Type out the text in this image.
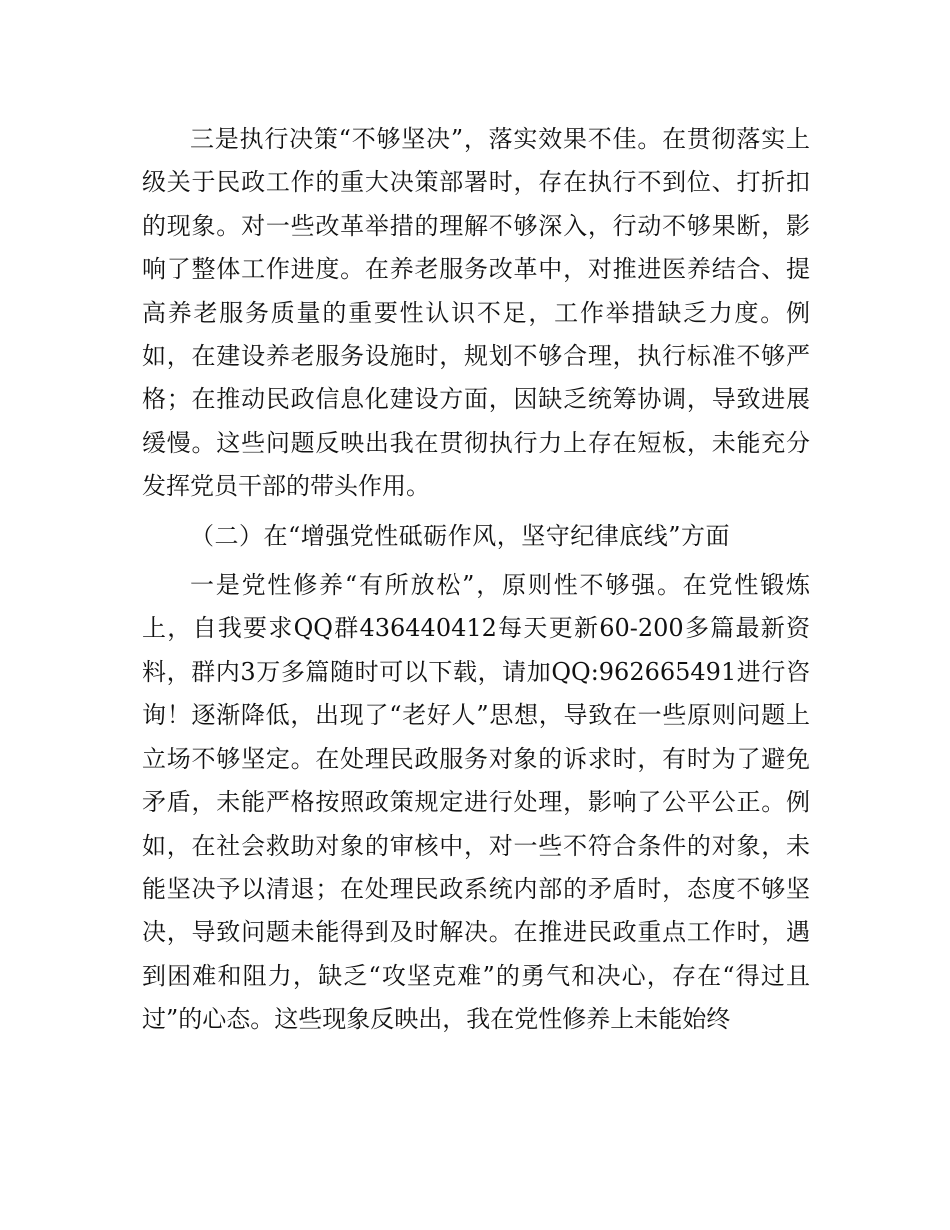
三是执行决策“不够坚决”，落实效果不佳。在贯彻落实上级关于民政工作的重大决策部署时，存在执行不到位、打折扣的现象。对一些改革举措的理解不够深入，行动不够果断，影响了整体工作进度。在养老服务改革中，对推进医养结合、提高养老服务质量的重要性认识不足，工作举措缺乏力度。例如，在建设养老服务设施时，规划不够合理，执行标准不够严格；在推动民政信息化建设方面，因缺乏统筹协调，导致进展缓慢。这些问题反映出我在贯彻执行力上存在短板，未能充分发挥党员干部的带头作用。

（二）在“增强党性砥砺作风，坚守纪律底线”方面

一是党性修养“有所放松”，原则性不够强。在党性锻炼上，自我要求QQ群436440412每天更新60-200多篇最新资料，群内3万多篇随时可以下载，请加QQ:962665491进行咨询！逐渐降低，出现了“老好人”思想，导致在一些原则问题上立场不够坚定。在处理民政服务对象的诉求时，有时为了避免矛盾，未能严格按照政策规定进行处理，影响了公平公正。例如，在社会救助对象的审核中，对一些不符合条件的对象，未能坚决予以清退；在处理民政系统内部的矛盾时，态度不够坚决，导致问题未能得到及时解决。在推进民政重点工作时，遇到困难和阻力，缺乏“攻坚克难”的勇气和决心，存在“得过且过”的心态。这些现象反映出，我在党性修养上未能始终
